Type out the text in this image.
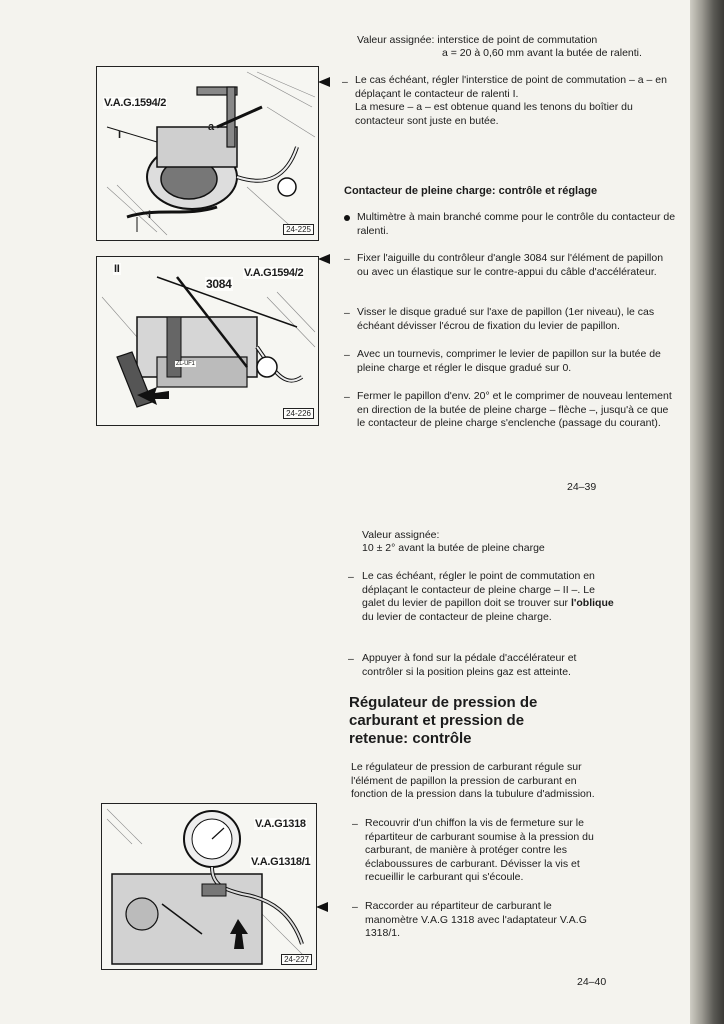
V.A.G.1594/2
a
I
I
24-225
II
3084
V.A.G1594/2
ZL-UF1
24-226
V.A.G1318
V.A.G1318/1
24-227

Valeur assignée: interstice de point de commutation

a = 20 à 0,60 mm avant la butée de ralenti.

– Le cas échéant, régler l'interstice de point de commutation – a – en déplaçant le contacteur de ralenti I.

La mesure – a – est obtenue quand les tenons du boîtier du contacteur sont juste en butée.

Contacteur de pleine charge: contrôle et réglage

Multimètre à main branché comme pour le contrôle du contacteur de ralenti.

– Fixer l'aiguille du contrôleur d'angle 3084 sur l'élément de papillon ou avec un élastique sur le contre-appui du câble d'accélérateur.

– Visser le disque gradué sur l'axe de papillon (1er niveau), le cas échéant dévisser l'écrou de fixation du levier de papillon.

– Avec un tournevis, comprimer le levier de papillon sur la butée de pleine charge et régler le disque gradué sur 0.

– Fermer le papillon d'env. 20° et le comprimer de nouveau lentement en direction de la butée de pleine charge – flèche –, jusqu'à ce que le contacteur de pleine charge s'enclenche (passage du courant).

24–39

Valeur assignée:

10 ± 2° avant la butée de pleine charge

– Le cas échéant, régler le point de commutation en déplaçant le contacteur de pleine charge – II –. Le galet du levier de papillon doit se trouver sur l'oblique du levier de contacteur de pleine charge.

– Appuyer à fond sur la pédale d'accélérateur et contrôler si la position pleins gaz est atteinte.

Régulateur de pression de
carburant et pression de
retenue: contrôle

Le régulateur de pression de carburant régule sur l'élément de papillon la pression de carburant en fonction de la pression dans la tubulure d'admission.

– Recouvrir d'un chiffon la vis de fermeture sur le répartiteur de carburant soumise à la pression du carburant, de manière à protéger contre les éclaboussures de carburant. Dévisser la vis et recueillir le carburant qui s'écoule.

– Raccorder au répartiteur de carburant le manomètre V.A.G 1318 avec l'adaptateur V.A.G 1318/1.

24–40
